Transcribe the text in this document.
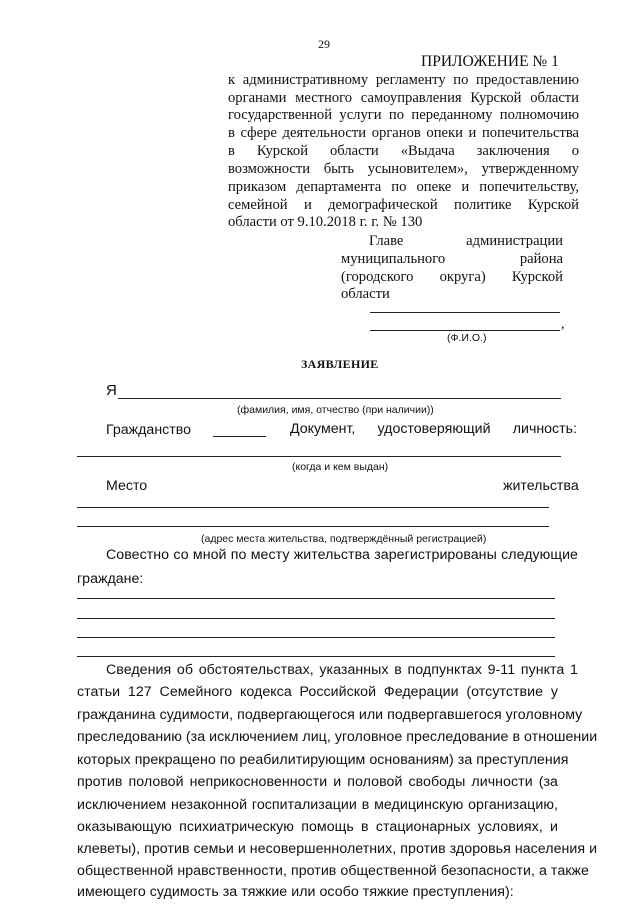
29
ПРИЛОЖЕНИЕ № 1
к административному регламенту по предоставлению
органами местного самоуправления Курской области
государственной услуги по переданному полномочию
в сфере деятельности органов опеки и попечительства
в Курской области «Выдача заключения о
возможности быть усыновителем», утвержденному
приказом департамента по опеке и попечительству,
семейной и демографической политике Курской
области от 9.10.2018 г. г. № 130
Главе администрации
муниципального района
(городского округа) Курской
области
,
(Ф.И.О.)
ЗАЯВЛЕНИЕ
Я
(фамилия, имя, отчество (при наличии))
Гражданство	Документ, удостоверяющий личность:
(когда и кем выдан)
Место	жительства
(адрес места жительства, подтверждённый регистрацией)
Совестно со мной по месту жительства зарегистрированы следующие
граждане:
Сведения об обстоятельствах, указанных в подпунктах 9-11 пункта 1
статьи 127 Семейного кодекса Российской Федерации (отсутствие у
гражданина судимости, подвергающегося или подвергавшегося уголовному
преследованию (за исключением лиц, уголовное преследование в отношении
которых прекращено по реабилитирующим основаниям) за преступления
против половой неприкосновенности и половой свободы личности (за
исключением незаконной госпитализации в медицинскую организацию,
оказывающую психиатрическую помощь в стационарных условиях, и
клеветы), против семьи и несовершеннолетних, против здоровья населения и
общественной нравственности, против общественной безопасности, а также
имеющего судимость за тяжкие или особо тяжкие преступления):
